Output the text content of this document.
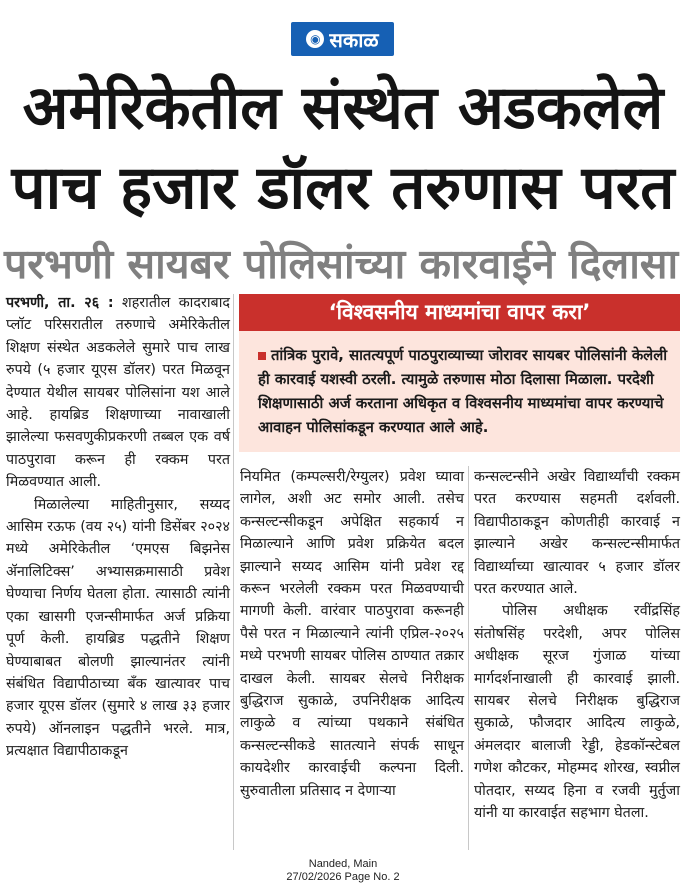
◉ सकाळ
अमेरिकेतील संस्थेत अडकलेले
पाच हजार डॉलर तरुणास परत
परभणी सायबर पोलिसांच्या कारवाईने दिलासा

परभणी, ता. २६ : शहरातील कादराबाद प्लॉट परिसरातील तरुणाचे अमेरिकेतील शिक्षण संस्थेत अडकलेले सुमारे पाच लाख रुपये (५ हजार यूएस डॉलर) परत मिळवून देण्यात येथील सायबर पोलिसांना यश आले आहे. हायब्रिड शिक्षणाच्या नावाखाली झालेल्या फसवणुकीप्रकरणी तब्बल एक वर्ष पाठपुरावा करून ही रक्कम परत मिळवण्यात आली.

मिळालेल्या माहितीनुसार, सय्यद आसिम रऊफ (वय २५) यांनी डिसेंबर २०२४ मध्ये अमेरिकेतील ‘एमएस बिझनेस ॲनालिटिक्स’ अभ्यासक्रमासाठी प्रवेश घेण्याचा निर्णय घेतला होता. त्यासाठी त्यांनी एका खासगी एजन्सीमार्फत अर्ज प्रक्रिया पूर्ण केली. हायब्रिड पद्धतीने शिक्षण घेण्याबाबत बोलणी झाल्यानंतर त्यांनी संबंधित विद्यापीठाच्या बँक खात्यावर पाच हजार यूएस डॉलर (सुमारे ४ लाख ३३ हजार रुपये) ऑनलाइन पद्धतीने भरले. मात्र, प्रत्यक्षात विद्यापीठाकडून

‘विश्वसनीय माध्यमांचा वापर करा’
तांत्रिक पुरावे, सातत्यपूर्ण पाठपुराव्याच्या जोरावर सायबर पोलिसांनी केलेली ही कारवाई यशस्वी ठरली. त्यामुळे तरुणास मोठा दिलासा मिळाला. परदेशी शिक्षणासाठी अर्ज करताना अधिकृत व विश्वसनीय माध्यमांचा वापर करण्याचे आवाहन पोलिसांकडून करण्यात आले आहे.

नियमित (कम्पल्सरी/रेग्युलर) प्रवेश घ्यावा लागेल, अशी अट समोर आली. तसेच कन्सल्टन्सीकडून अपेक्षित सहकार्य न मिळाल्याने आणि प्रवेश प्रक्रियेत बदल झाल्याने सय्यद आसिम यांनी प्रवेश रद्द करून भरलेली रक्कम परत मिळवण्याची मागणी केली. वारंवार पाठपुरावा करूनही पैसे परत न मिळाल्याने त्यांनी एप्रिल-२०२५ मध्ये परभणी सायबर पोलिस ठाण्यात तक्रार दाखल केली. सायबर सेलचे निरीक्षक बुद्धिराज सुकाळे, उपनिरीक्षक आदित्य लाकुळे व त्यांच्या पथकाने संबंधित कन्सल्टन्सीकडे सातत्याने संपर्क साधून कायदेशीर कारवाईची कल्पना दिली. सुरुवातीला प्रतिसाद न देणाऱ्या

कन्सल्टन्सीने अखेर विद्यार्थ्यांची रक्कम परत करण्यास सहमती दर्शवली. विद्यापीठाकडून कोणतीही कारवाई न झाल्याने अखेर कन्सल्टन्सीमार्फत विद्यार्थ्याच्या खात्यावर ५ हजार डॉलर परत करण्यात आले.

पोलिस अधीक्षक रवींद्रसिंह संतोषसिंह परदेशी, अपर पोलिस अधीक्षक सूरज गुंजाळ यांच्या मार्गदर्शनाखाली ही कारवाई झाली. सायबर सेलचे निरीक्षक बुद्धिराज सुकाळे, फौजदार आदित्य लाकुळे, अंमलदार बालाजी रेड्डी, हेडकॉन्स्टेबल गणेश कौटकर, मोहम्मद शोरख, स्वप्नील पोतदार, सय्यद हिना व रजवी मुर्तुजा यांनी या कारवाईत सहभाग घेतला.

Nanded, Main
27/02/2026 Page No. 2
